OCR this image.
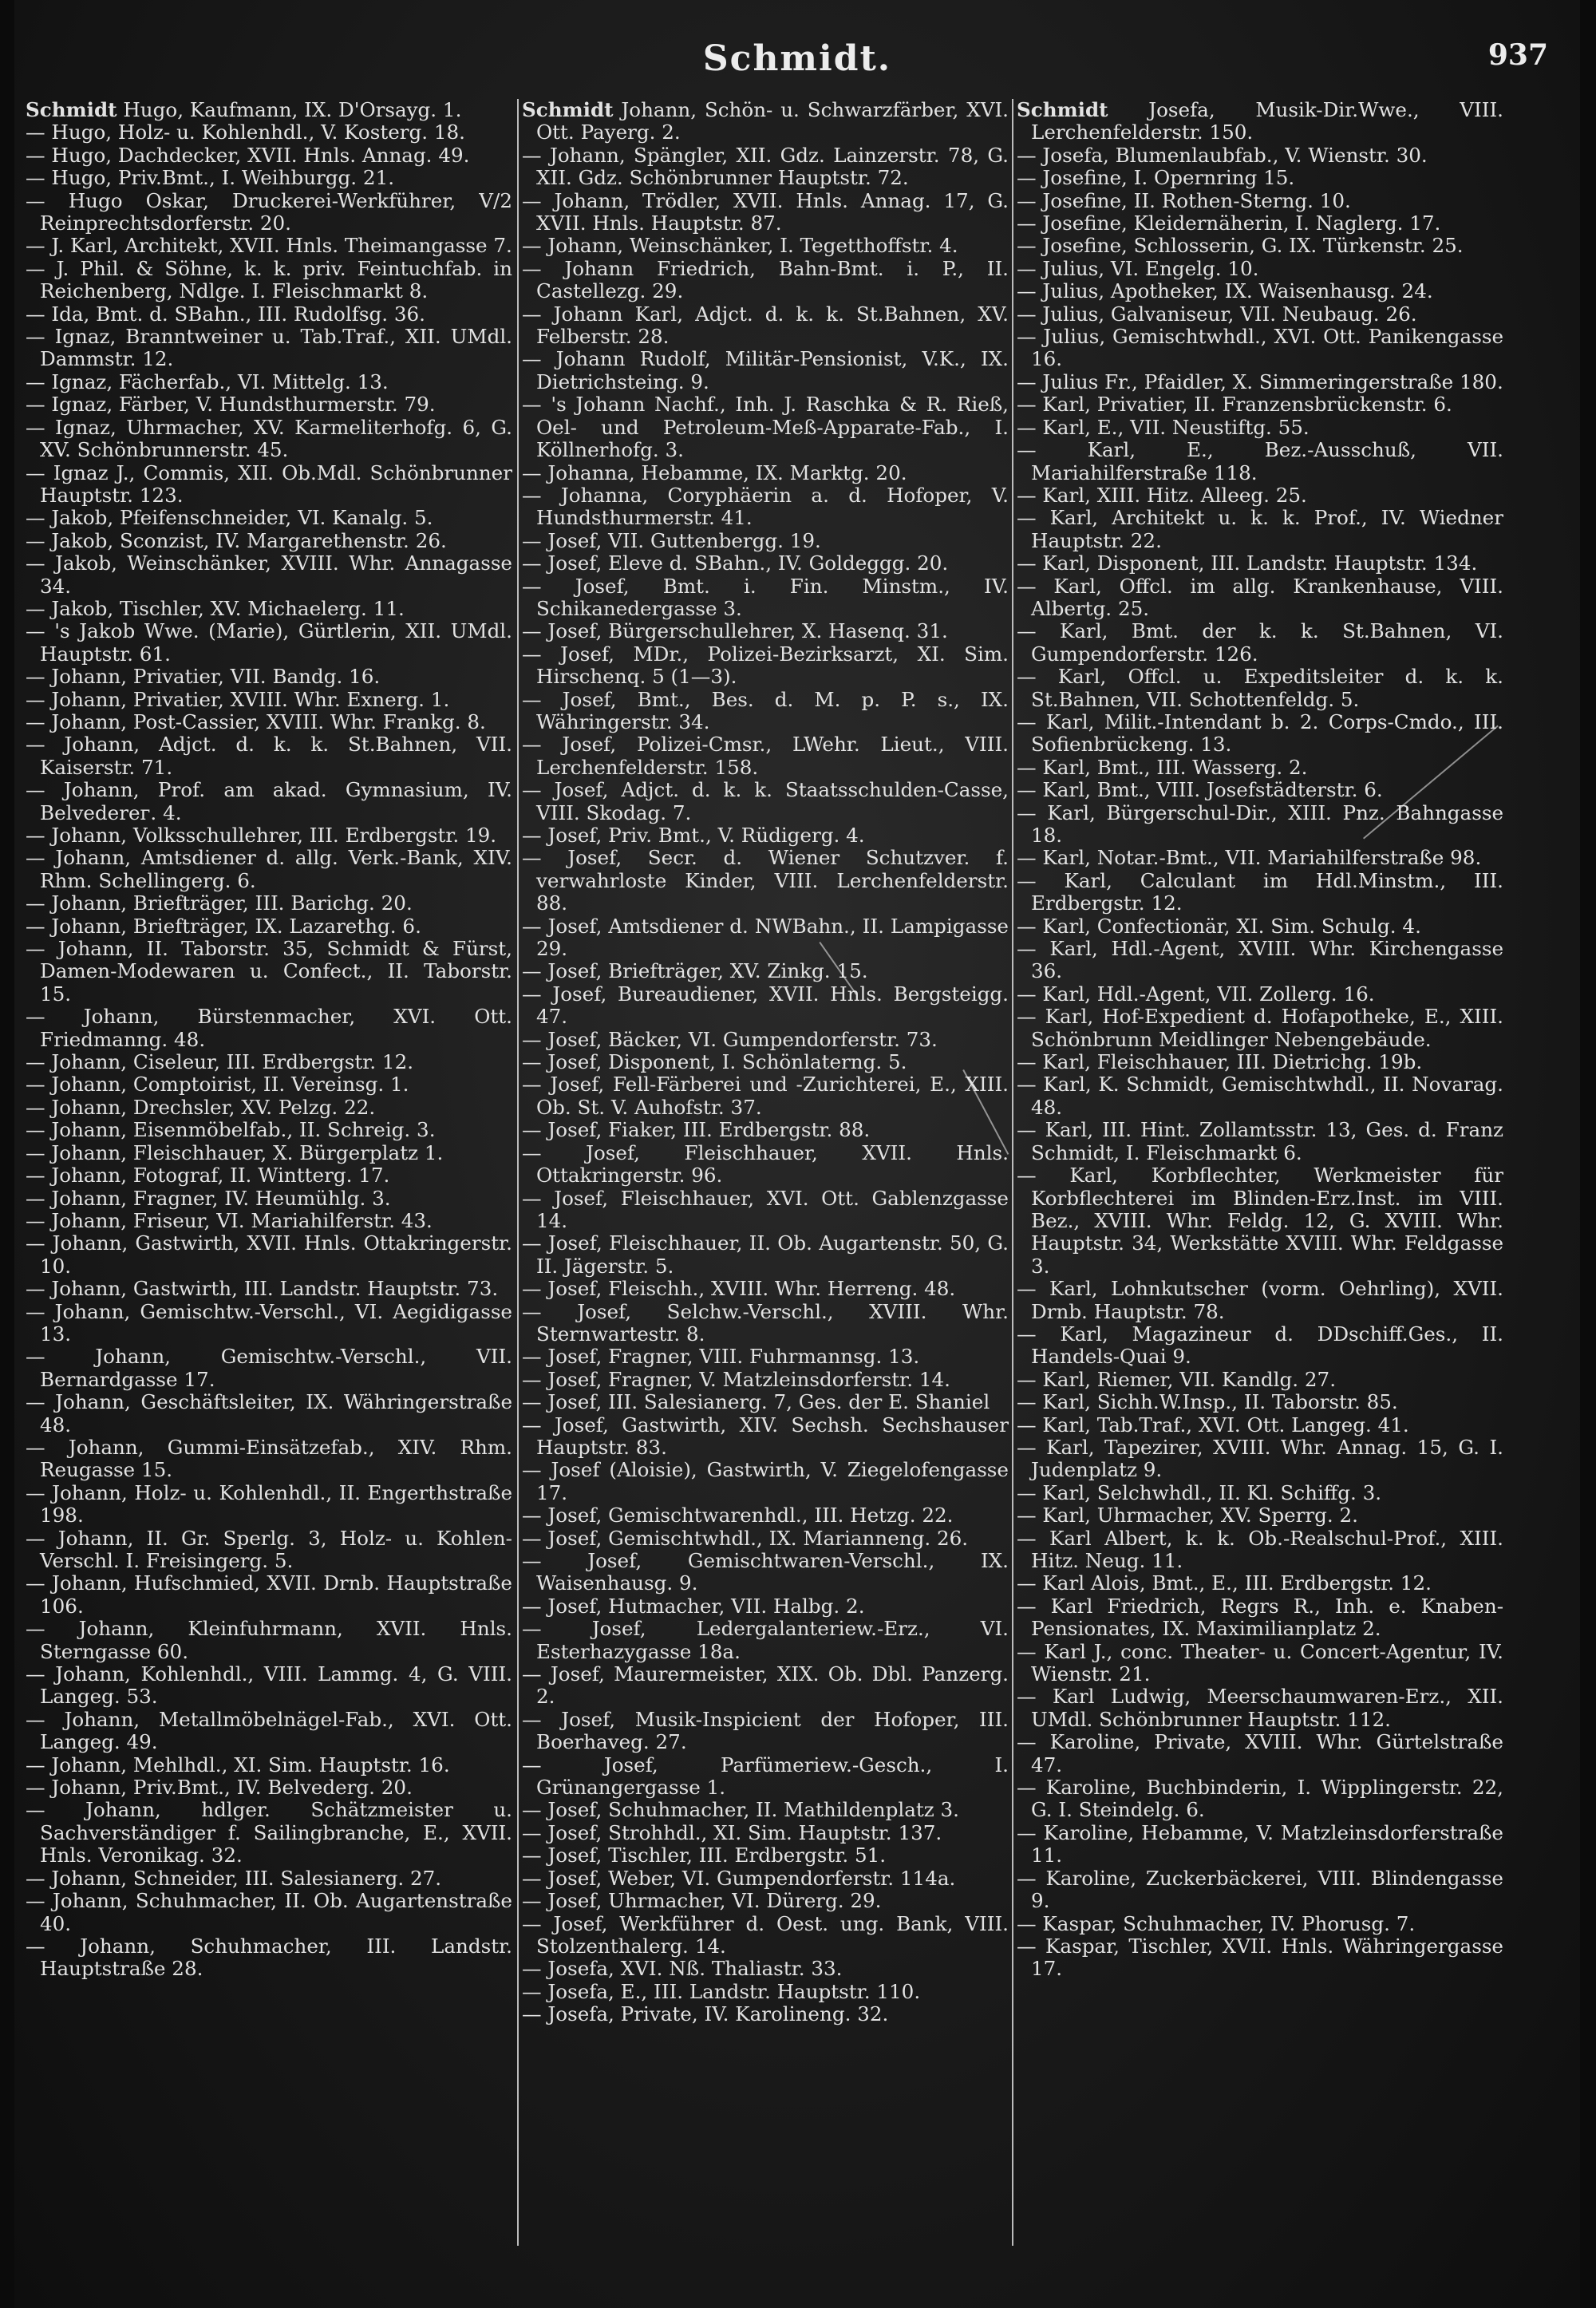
Schmidt.	937
Schmidt Hugo, Kaufmann, IX. D'Orsayg. 1.
— Hugo, Holz- u. Kohlenhdl., V. Kosterg. 18.
— Hugo, Dachdecker, XVII. Hnls. Annag. 49.
— Hugo, Priv.Bmt., I. Weihburgg. 21.
— Hugo Oskar, Druckerei-Werkführer, V/2 Reinprechtsdorferstr. 20.
— J. Karl, Architekt, XVII. Hnls. Theimangasse 7.
— J. Phil. & Söhne, k. k. priv. Feintuchfab. in Reichenberg, Ndlge. I. Fleischmarkt 8.
— Ida, Bmt. d. SBahn., III. Rudolfsg. 36.
— Ignaz, Branntweiner u. Tab.Traf., XII. UMdl. Dammstr. 12.
— Ignaz, Fächerfab., VI. Mittelg. 13.
— Ignaz, Färber, V. Hundsthurmerstr. 79.
— Ignaz, Uhrmacher, XV. Karmeliterhofg. 6, G. XV. Schönbrunnerstr. 45.
— Ignaz J., Commis, XII. Ob.Mdl. Schönbrunner Hauptstr. 123.
— Jakob, Pfeifenschneider, VI. Kanalg. 5.
— Jakob, Sconzist, IV. Margarethenstr. 26.
— Jakob, Weinschänker, XVIII. Whr. Annagasse 34.
— Jakob, Tischler, XV. Michaelerg. 11.
— 's Jakob Wwe. (Marie), Gürtlerin, XII. UMdl. Hauptstr. 61.
— Johann, Privatier, VII. Bandg. 16.
— Johann, Privatier, XVIII. Whr. Exnerg. 1.
— Johann, Post-Cassier, XVIII. Whr. Frankg. 8.
— Johann, Adjct. d. k. k. St.Bahnen, VII. Kaiserstr. 71.
— Johann, Prof. am akad. Gymnasium, IV. Belvederег. 4.
— Johann, Volksschullehrer, III. Erdbergstr. 19.
— Johann, Amtsdiener d. allg. Verk.-Bank, XIV. Rhm. Schellingerg. 6.
— Johann, Briefträger, III. Barichg. 20.
— Johann, Briefträger, IX. Lazarethg. 6.
— Johann, II. Taborstr. 35, Schmidt & Fürst, Damen-Modewaren u. Confect., II. Taborstr. 15.
— Johann, Bürstenmacher, XVI. Ott. Friedmanng. 48.
— Johann, Ciseleur, III. Erdbergstr. 12.
— Johann, Comptoirist, II. Vereinsg. 1.
— Johann, Drechsler, XV. Pelzg. 22.
— Johann, Eisenmöbelfab., II. Schreig. 3.
— Johann, Fleischhauer, X. Bürgerplatz 1.
— Johann, Fotograf, II. Wintterg. 17.
— Johann, Fragner, IV. Heumühlg. 3.
— Johann, Friseur, VI. Mariahilferstr. 43.
— Johann, Gastwirth, XVII. Hnls. Ottakringerstr. 10.
— Johann, Gastwirth, III. Landstr. Hauptstr. 73.
— Johann, Gemischtw.-Verschl., VI. Aegidigasse 13.
— Johann, Gemischtw.-Verschl., VII. Bernardgasse 17.
— Johann, Geschäftsleiter, IX. Währingerstraße 48.
— Johann, Gummi-Einsätzefab., XIV. Rhm. Reugasse 15.
— Johann, Holz- u. Kohlenhdl., II. Engerthstraße 198.
— Johann, II. Gr. Sperlg. 3, Holz- u. Kohlen-Verschl. I. Freisingerg. 5.
— Johann, Hufschmied, XVII. Drnb. Hauptstraße 106.
— Johann, Kleinfuhrmann, XVII. Hnls. Sterngasse 60.
— Johann, Kohlenhdl., VIII. Lammg. 4, G. VIII. Langeg. 53.
— Johann, Metallmöbelnägel-Fab., XVI. Ott. Langeg. 49.
— Johann, Mehlhdl., XI. Sim. Hauptstr. 16.
— Johann, Priv.Bmt., IV. Belvederg. 20.
— Johann, hdlger. Schätzmeister u. Sachverständiger f. Sailingbranche, E., XVII. Hnls. Veronikag. 32.
— Johann, Schneider, III. Salesianerg. 27.
— Johann, Schuhmacher, II. Ob. Augartenstraße 40.
— Johann, Schuhmacher, III. Landstr. Hauptstraße 28.
Schmidt Johann, Schön- u. Schwarzfärber, XVI. Ott. Payerg. 2.
— Johann, Spängler, XII. Gdz. Lainzerstr. 78, G. XII. Gdz. Schönbrunner Hauptstr. 72.
— Johann, Trödler, XVII. Hnls. Annag. 17, G. XVII. Hnls. Hauptstr. 87.
— Johann, Weinschänker, I. Tegetthoffstr. 4.
— Johann Friedrich, Bahn-Bmt. i. P., II. Castellezg. 29.
— Johann Karl, Adjct. d. k. k. St.Bahnen, XV. Felberstr. 28.
— Johann Rudolf, Militär-Pensionist, V.K., IX. Dietrichsteing. 9.
— 's Johann Nachf., Inh. J. Raschka & R. Rieß, Oel- und Petroleum-Meß-Apparate-Fab., I. Köllnerhofg. 3.
— Johanna, Hebamme, IX. Marktg. 20.
— Johanna, Coryphäerin a. d. Hofoper, V. Hundsthurmerstr. 41.
— Josef, VII. Guttenbergg. 19.
— Josef, Eleve d. SBahn., IV. Goldeggg. 20.
— Josef, Bmt. i. Fin. Minstm., IV. Schikanedergasse 3.
— Josef, Bürgerschullehrer, X. Hasenq. 31.
— Josef, MDr., Polizei-Bezirksarzt, XI. Sim. Hirschenq. 5 (1—3).
— Josef, Bmt., Bes. d. M. p. P. s., IX. Währingerstr. 34.
— Josef, Polizei-Cmsr., LWehr. Lieut., VIII. Lerchenfelderstr. 158.
— Josef, Adjct. d. k. k. Staatsschulden-Casse, VIII. Skodag. 7.
— Josef, Priv. Bmt., V. Rüdigerg. 4.
— Josef, Secr. d. Wiener Schutzver. f. verwahrloste Kinder, VIII. Lerchenfelderstr. 88.
— Josef, Amtsdiener d. NWBahn., II. Lampigasse 29.
— Josef, Briefträger, XV. Zinkg. 15.
— Josef, Bureaudiener, XVII. Hnls. Bergsteigg. 47.
— Josef, Bäcker, VI. Gumpendorferstr. 73.
— Josef, Disponent, I. Schönlaterng. 5.
— Josef, Fell-Färberei und -Zurichterei, E., XIII. Ob. St. V. Auhofstr. 37.
— Josef, Fiaker, III. Erdbergstr. 88.
— Josef, Fleischhauer, XVII. Hnls. Ottakringerstr. 96.
— Josef, Fleischhauer, XVI. Ott. Gablenzgasse 14.
— Josef, Fleischhauer, II. Ob. Augartenstr. 50, G. II. Jägerstr. 5.
— Josef, Fleischh., XVIII. Whr. Herreng. 48.
— Josef, Selchw.-Verschl., XVIII. Whr. Sternwartestr. 8.
— Josef, Fragner, VIII. Fuhrmannsg. 13.
— Josef, Fragner, V. Matzleinsdorferstr. 14.
— Josef, III. Salesianerg. 7, Ges. der E. Shaniel
— Josef, Gastwirth, XIV. Sechsh. Sechshauser Hauptstr. 83.
— Josef (Aloisie), Gastwirth, V. Ziegelofengasse 17.
— Josef, Gemischtwarenhdl., III. Hetzg. 22.
— Josef, Gemischtwhdl., IX. Marianneng. 26.
— Josef, Gemischtwaren-Verschl., IX. Waisenhausg. 9.
— Josef, Hutmacher, VII. Halbg. 2.
— Josef, Ledergalanteriew.-Erz., VI. Esterhazygasse 18a.
— Josef, Maurermeister, XIX. Ob. Dbl. Panzerg. 2.
— Josef, Musik-Inspicient der Hofoper, III. Boerhaveg. 27.
— Josef, Parfümeriew.-Gesch., I. Grünangergasse 1.
— Josef, Schuhmacher, II. Mathildenplatz 3.
— Josef, Strohhdl., XI. Sim. Hauptstr. 137.
— Josef, Tischler, III. Erdbergstr. 51.
— Josef, Weber, VI. Gumpendorferstr. 114a.
— Josef, Uhrmacher, VI. Dürerg. 29.
— Josef, Werkführer d. Oest. ung. Bank, VIII. Stolzenthalerg. 14.
— Josefa, XVI. Nß. Thaliastr. 33.
— Josefa, E., III. Landstr. Hauptstr. 110.
— Josefa, Private, IV. Karolineng. 32.
Schmidt Josefa, Musik-Dir.Wwe., VIII. Lerchenfelderstr. 150.
— Josefa, Blumenlaubfab., V. Wienstr. 30.
— Josefine, I. Opernring 15.
— Josefine, II. Rothen-Sterng. 10.
— Josefine, Kleidernäherin, I. Naglerg. 17.
— Josefine, Schlosserin, G. IX. Türkenstr. 25.
— Julius, VI. Engelg. 10.
— Julius, Apotheker, IX. Waisenhausg. 24.
— Julius, Galvaniseur, VII. Neubaug. 26.
— Julius, Gemischtwhdl., XVI. Ott. Panikengasse 16.
— Julius Fr., Pfaidler, X. Simmeringerstraße 180.
— Karl, Privatier, II. Franzensbrückenstr. 6.
— Karl, E., VII. Neustiftg. 55.
— Karl, E., Bez.-Ausschuß, VII. Mariahilferstraße 118.
— Karl, XIII. Hitz. Alleeg. 25.
— Karl, Architekt u. k. k. Prof., IV. Wiedner Hauptstr. 22.
— Karl, Disponent, III. Landstr. Hauptstr. 134.
— Karl, Offcl. im allg. Krankenhause, VIII. Albertg. 25.
— Karl, Bmt. der k. k. St.Bahnen, VI. Gumpendorferstr. 126.
— Karl, Offcl. u. Expeditsleiter d. k. k. St.Bahnen, VII. Schottenfeldg. 5.
— Karl, Milit.-Intendant b. 2. Corps-Cmdo., III. Sofienbrückeng. 13.
— Karl, Bmt., III. Wasserg. 2.
— Karl, Bmt., VIII. Josefstädterstr. 6.
— Karl, Bürgerschul-Dir., XIII. Pnz. Bahngasse 18.
— Karl, Notar.-Bmt., VII. Mariahilferstraße 98.
— Karl, Calculant im Hdl.Minstm., III. Erdbergstr. 12.
— Karl, Confectionär, XI. Sim. Schulg. 4.
— Karl, Hdl.-Agent, XVIII. Whr. Kirchengasse 36.
— Karl, Hdl.-Agent, VII. Zollerg. 16.
— Karl, Hof-Expedient d. Hofapotheke, E., XIII. Schönbrunn Meidlinger Nebengebäude.
— Karl, Fleischhauer, III. Dietrichg. 19b.
— Karl, K. Schmidt, Gemischtwhdl., II. Novarag. 48.
— Karl, III. Hint. Zollamtsstr. 13, Ges. d. Franz Schmidt, I. Fleischmarkt 6.
— Karl, Korbflechter, Werkmeister für Korbflechterei im Blinden-Erz.Inst. im VIII. Bez., XVIII. Whr. Feldg. 12, G. XVIII. Whr. Hauptstr. 34, Werkstätte XVIII. Whr. Feldgasse 3.
— Karl, Lohnkutscher (vorm. Oehrling), XVII. Drnb. Hauptstr. 78.
— Karl, Magazineur d. DDschiff.Ges., II. Handels-Quai 9.
— Karl, Riemer, VII. Kandlg. 27.
— Karl, Sichh.W.Insp., II. Taborstr. 85.
— Karl, Tab.Traf., XVI. Ott. Langeg. 41.
— Karl, Tapezirer, XVIII. Whr. Annag. 15, G. I. Judenplatz 9.
— Karl, Selchwhdl., II. Kl. Schiffg. 3.
— Karl, Uhrmacher, XV. Sperrg. 2.
— Karl Albert, k. k. Ob.-Realschul-Prof., XIII. Hitz. Neug. 11.
— Karl Alois, Bmt., E., III. Erdbergstr. 12.
— Karl Friedrich, Regrs R., Inh. e. Knaben-Pensionates, IX. Maximilianplatz 2.
— Karl J., conc. Theater- u. Concert-Agentur, IV. Wienstr. 21.
— Karl Ludwig, Meerschaumwaren-Erz., XII. UMdl. Schönbrunner Hauptstr. 112.
— Karoline, Private, XVIII. Whr. Gürtelstraße 47.
— Karoline, Buchbinderin, I. Wipplingerstr. 22, G. I. Steindelg. 6.
— Karoline, Hebamme, V. Matzleinsdorferstraße 11.
— Karoline, Zuckerbäckerei, VIII. Blindengasse 9.
— Kaspar, Schuhmacher, IV. Phorusg. 7.
— Kaspar, Tischler, XVII. Hnls. Währingergasse 17.
